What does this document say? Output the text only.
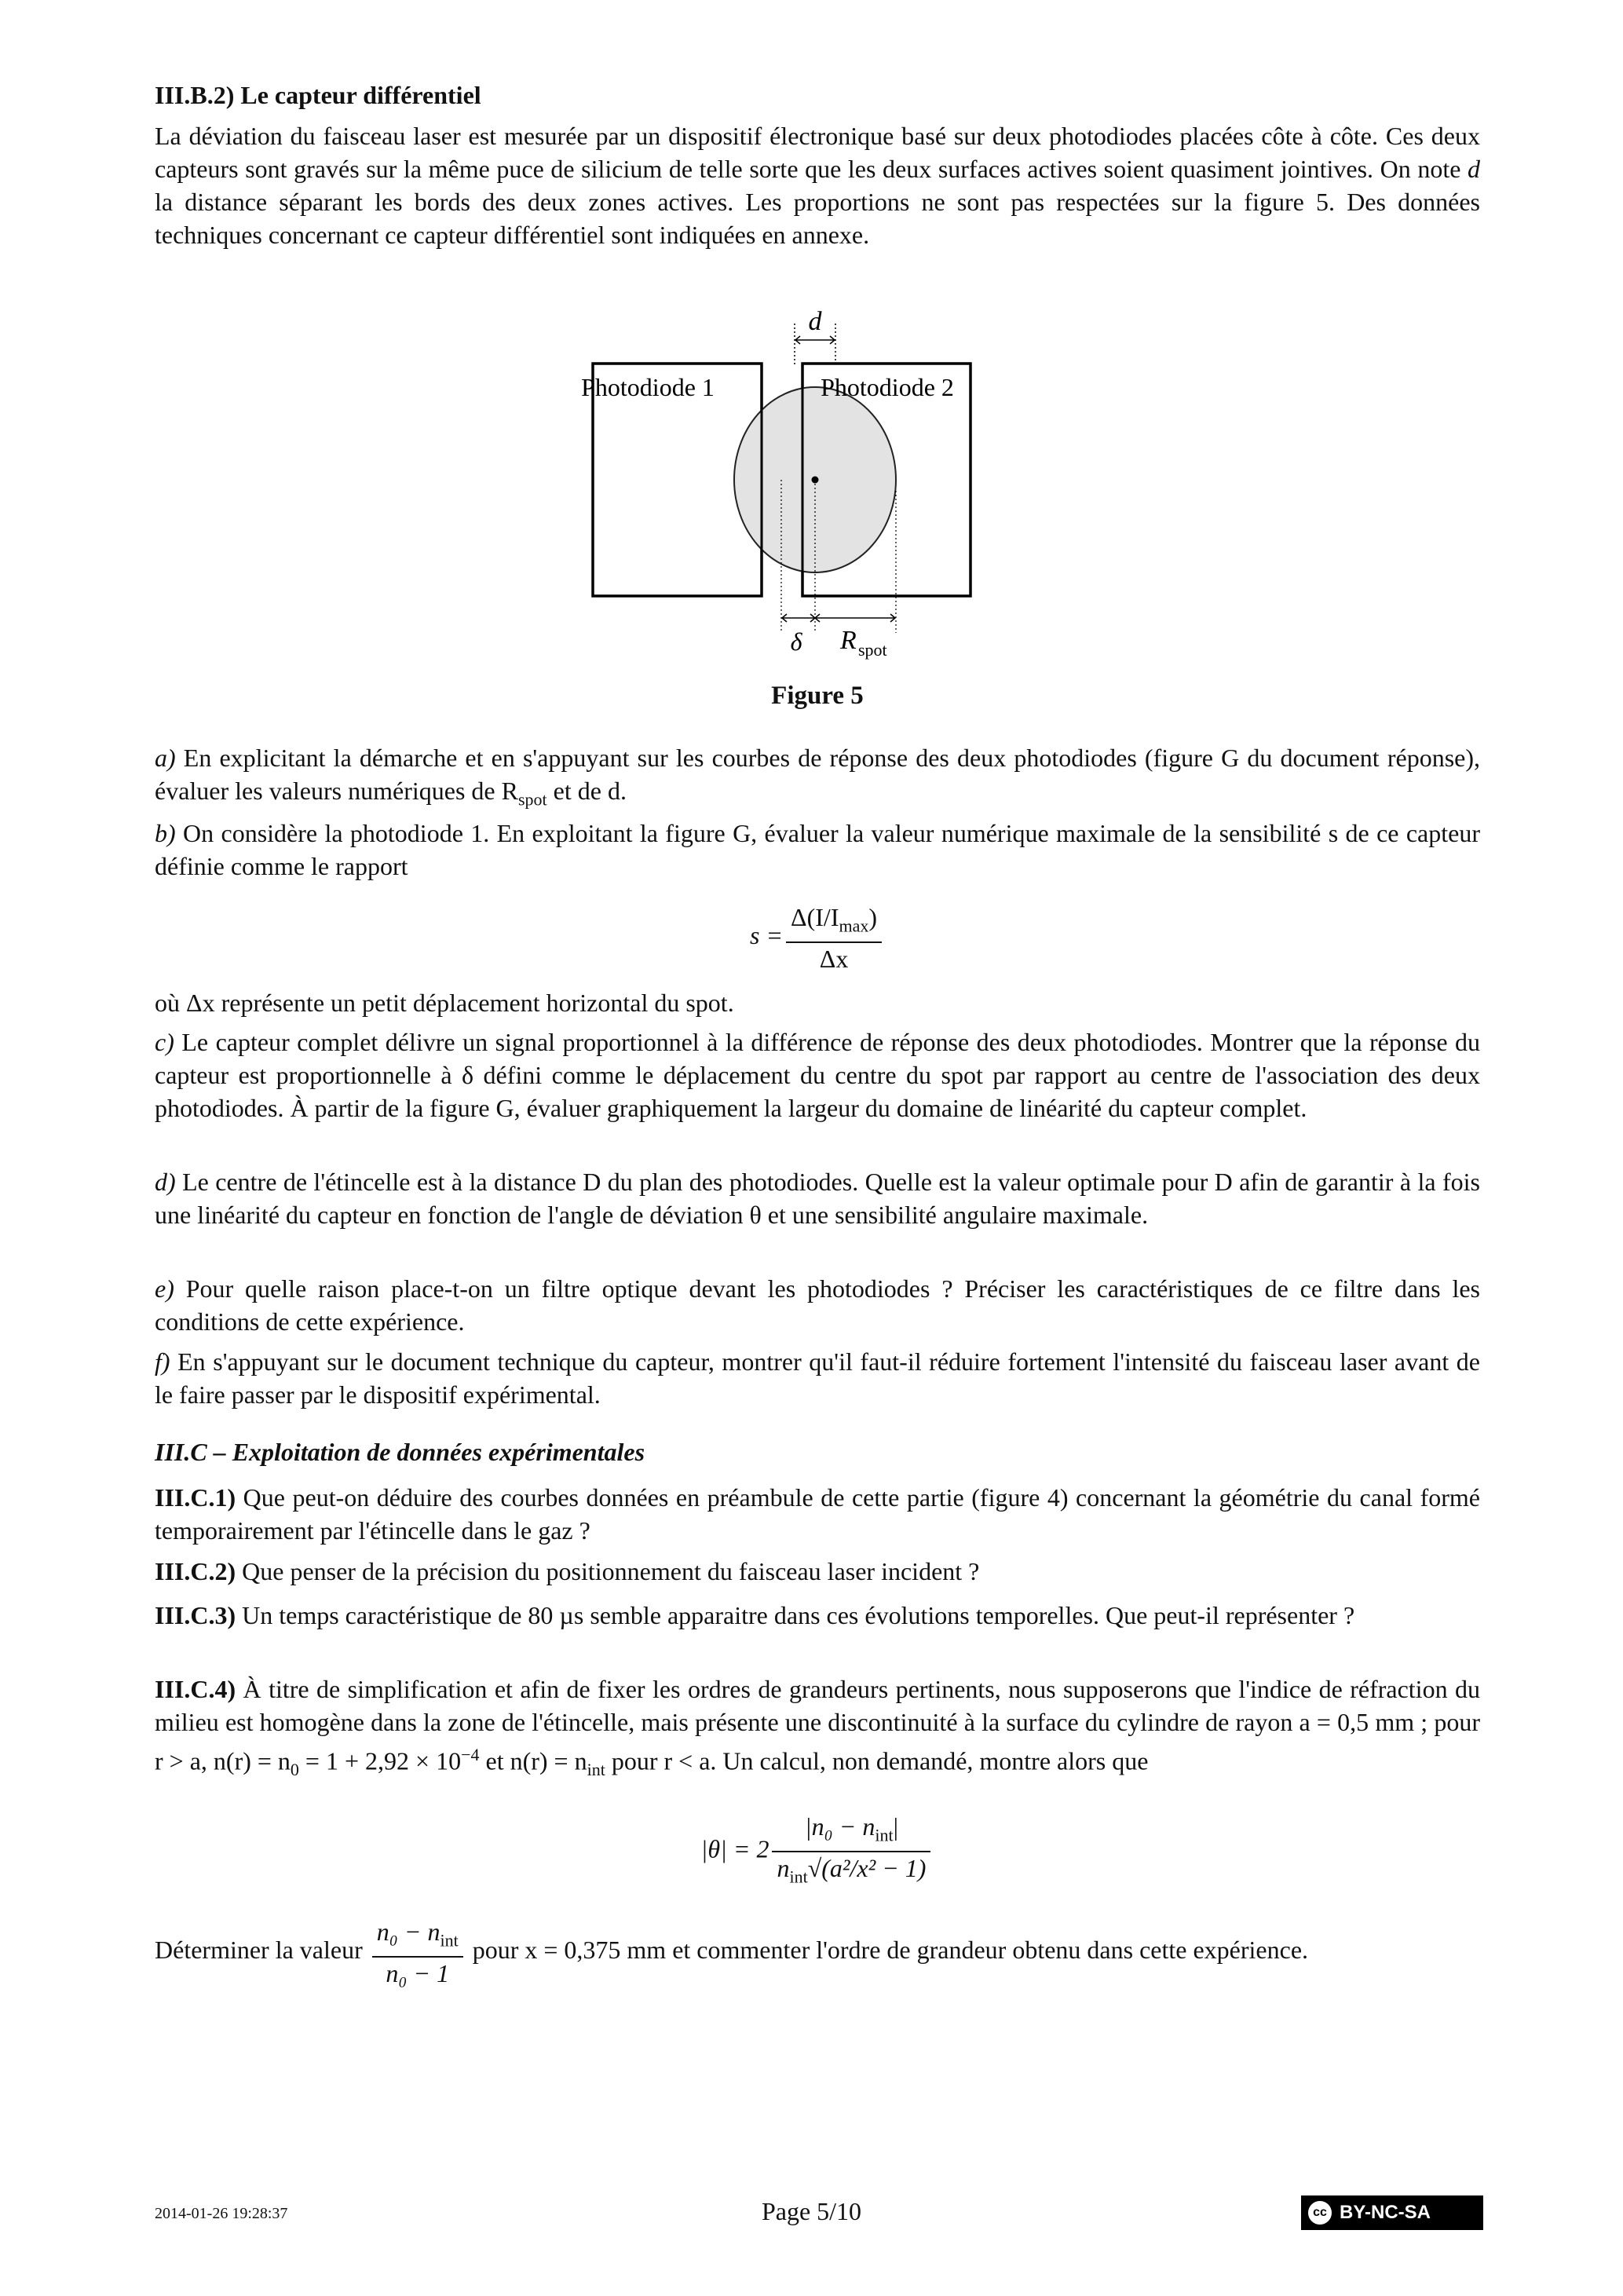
III.B.2) Le capteur différentiel
La déviation du faisceau laser est mesurée par un dispositif électronique basé sur deux photodiodes placées côte à côte. Ces deux capteurs sont gravés sur la même puce de silicium de telle sorte que les deux surfaces actives soient quasiment jointives. On note d la distance séparant les bords des deux zones actives. Les proportions ne sont pas respectées sur la figure 5. Des données techniques concernant ce capteur différentiel sont indiquées en annexe.
d
Photodiode 1	Photodiode 2
δ R spot
Figure 5
a) En explicitant la démarche et en s'appuyant sur les courbes de réponse des deux photodiodes (figure G du document réponse), évaluer les valeurs numériques de $R_{spot}$ et de d.
b) On considère la photodiode 1. En exploitant la figure G, évaluer la valeur numérique maximale de la sensibilité s de ce capteur définie comme le rapport
$s = \frac{\Delta(I/I_{max})}{\Delta x}$
où Δx représente un petit déplacement horizontal du spot.
c) Le capteur complet délivre un signal proportionnel à la différence de réponse des deux photodiodes. Montrer que la réponse du capteur est proportionnelle à δ défini comme le déplacement du centre du spot par rapport au centre de l'association des deux photodiodes. À partir de la figure G, évaluer graphiquement la largeur du domaine de linéarité du capteur complet.
d) Le centre de l'étincelle est à la distance D du plan des photodiodes. Quelle est la valeur optimale pour D afin de garantir à la fois une linéarité du capteur en fonction de l'angle de déviation θ et une sensibilité angulaire maximale.
e) Pour quelle raison place-t-on un filtre optique devant les photodiodes ? Préciser les caractéristiques de ce filtre dans les conditions de cette expérience.
f) En s'appuyant sur le document technique du capteur, montrer qu'il faut-il réduire fortement l'intensité du faisceau laser avant de le faire passer par le dispositif expérimental.
III.C – Exploitation de données expérimentales
III.C.1) Que peut-on déduire des courbes données en préambule de cette partie (figure 4) concernant la géométrie du canal formé temporairement par l'étincelle dans le gaz ?
III.C.2) Que penser de la précision du positionnement du faisceau laser incident ?
III.C.3) Un temps caractéristique de 80 µs semble apparaitre dans ces évolutions temporelles. Que peut-il représenter ?
III.C.4) À titre de simplification et afin de fixer les ordres de grandeurs pertinents, nous supposerons que l'indice de réfraction du milieu est homogène dans la zone de l'étincelle, mais présente une discontinuité à la surface du cylindre de rayon a = 0,5 mm ; pour r > a, $n(r) = n_0 = 1 + 2,92 \times 10^{-4}$ et $n(r) = n_{int}$ pour r < a. Un calcul, non demandé, montre alors que
$|\theta| = 2 \frac{|n_0 - n_{int}|}{n_{int}√(a^2/x^2 - 1)}$
Déterminer la valeur $\frac{n_0 - n_{int}}{\text{n₀ − 1}}$ pour x = 0,375 mm et commenter l'ordre de grandeur obtenu dans cette expérience.
2014-01-26 19:28:37	Page 5/10	cc BY-NC-SA
